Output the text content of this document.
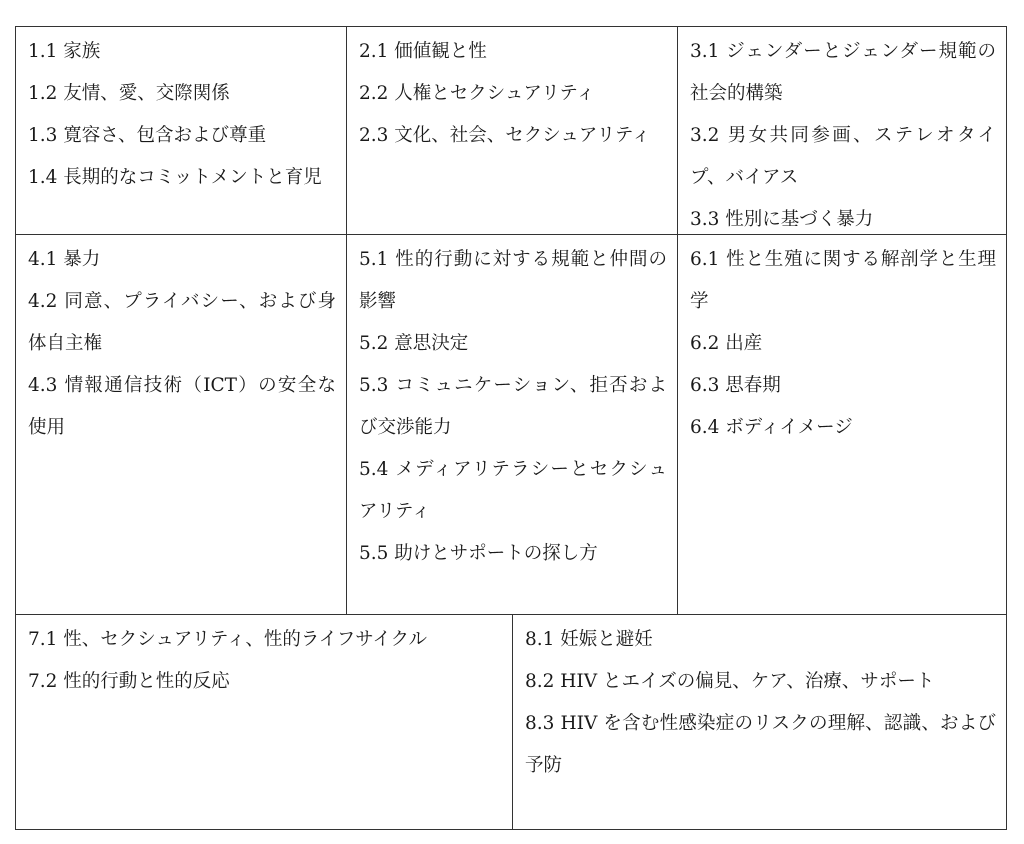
1.1 家族

1.2 友情、愛、交際関係

1.3 寛容さ、包含および尊重

1.4 長期的なコミットメントと育児

2.1 価値観と性

2.2 人権とセクシュアリティ

2.3 文化、社会、セクシュアリティ

3.1 ジェンダーとジェンダー規範の社会的構築

3.2 男女共同参画、ステレオタイプ、バイアス

3.3 性別に基づく暴力

4.1 暴力

4.2 同意、プライバシー、および身体自主権

4.3 情報通信技術（ICT）の安全な使用

5.1 性的行動に対する規範と仲間の影響

5.2 意思決定

5.3 コミュニケーション、拒否および交渉能力

5.4 メディアリテラシーとセクシュアリティ

5.5 助けとサポートの探し方

6.1 性と生殖に関する解剖学と生理学

6.2 出産

6.3 思春期

6.4 ボディイメージ

7.1 性、セクシュアリティ、性的ライフサイクル

7.2 性的行動と性的反応

8.1 妊娠と避妊

8.2 HIV とエイズの偏見、ケア、治療、サポート

8.3 HIV を含む性感染症のリスクの理解、認識、および予防
